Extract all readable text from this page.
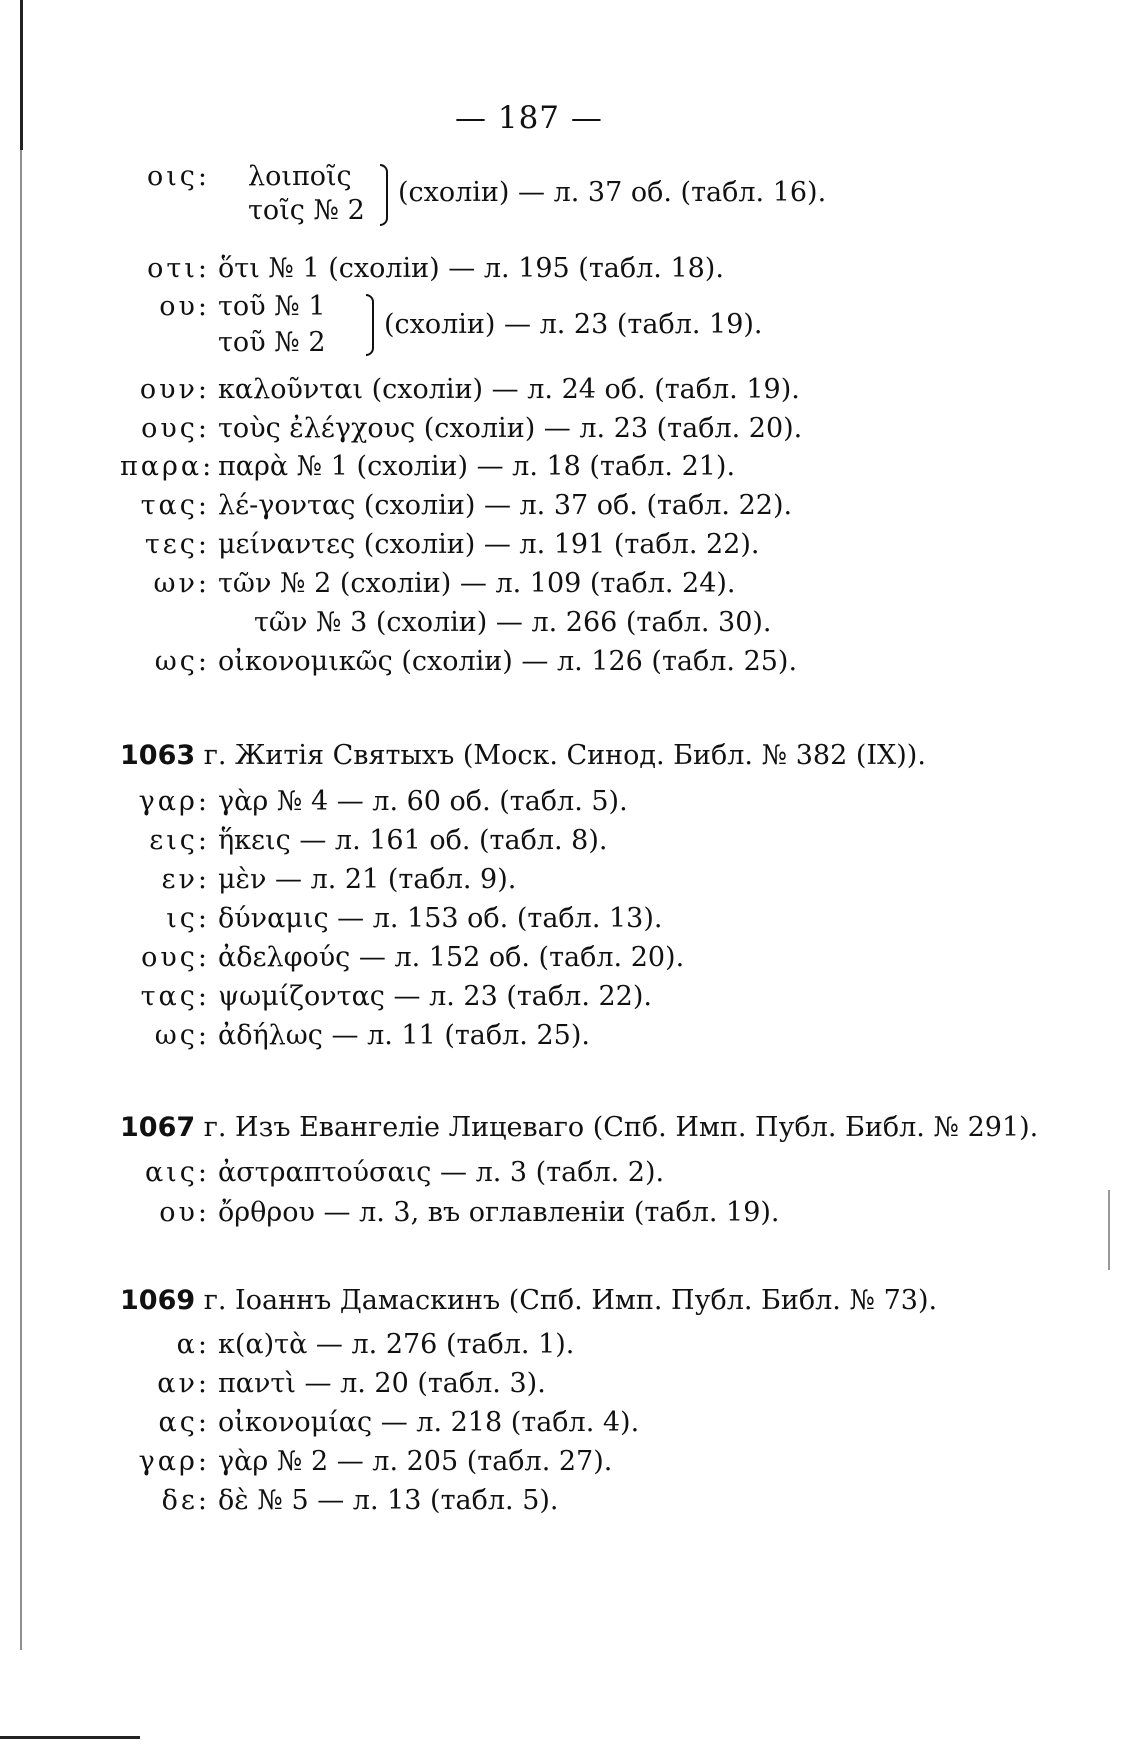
— 187 —
οις: λοιποῖς
τοῖς № 2
(схоліи) — л. 37 об. (табл. 16).
οτι: ὅτι № 1 (схоліи) — л. 195 (табл. 18).
ου: τοῦ № 1
τοῦ № 2
(схоліи) — л. 23 (табл. 19).
ουν: καλοῦνται (схоліи) — л. 24 об. (табл. 19).
ους: τοὺς ἐλέγχους (схоліи) — л. 23 (табл. 20).
παρα: παρὰ № 1 (схоліи) — л. 18 (табл. 21).
τας: λέ-γοντας (схоліи) — л. 37 об. (табл. 22).
τες: μείναντες (схоліи) — л. 191 (табл. 22).
ων: τῶν № 2 (схоліи) — л. 109 (табл. 24).
τῶν № 3 (схоліи) — л. 266 (табл. 30).
ως: οἰκονομικῶς (схоліи) — л. 126 (табл. 25).
1063 г. Житія Святыхъ (Моск. Синод. Библ. № 382 (IX)).
γαρ: γὰρ № 4 — л. 60 об. (табл. 5).
εις: ἥκεις — л. 161 об. (табл. 8).
εν: μὲν — л. 21 (табл. 9).
ις: δύναμις — л. 153 об. (табл. 13).
ους: ἀδελφούς — л. 152 об. (табл. 20).
τας: ψωμίζοντας — л. 23 (табл. 22).
ως: ἀδήλως — л. 11 (табл. 25).
1067 г. Изъ Евангеліе Лицеваго (Спб. Имп. Публ. Библ. № 291).
αις: ἀστραπτούσαις — л. 3 (табл. 2).
ου: ὄρθρου — л. 3, въ оглавленіи (табл. 19).
1069 г. Іоаннъ Дамаскинъ (Спб. Имп. Публ. Библ. № 73).
α: κ(α)τὰ — л. 276 (табл. 1).
αν: παντὶ — л. 20 (табл. 3).
ας: οἰκονομίας — л. 218 (табл. 4).
γαρ: γὰρ № 2 — л. 205 (табл. 27).
δε: δὲ № 5 — л. 13 (табл. 5).
